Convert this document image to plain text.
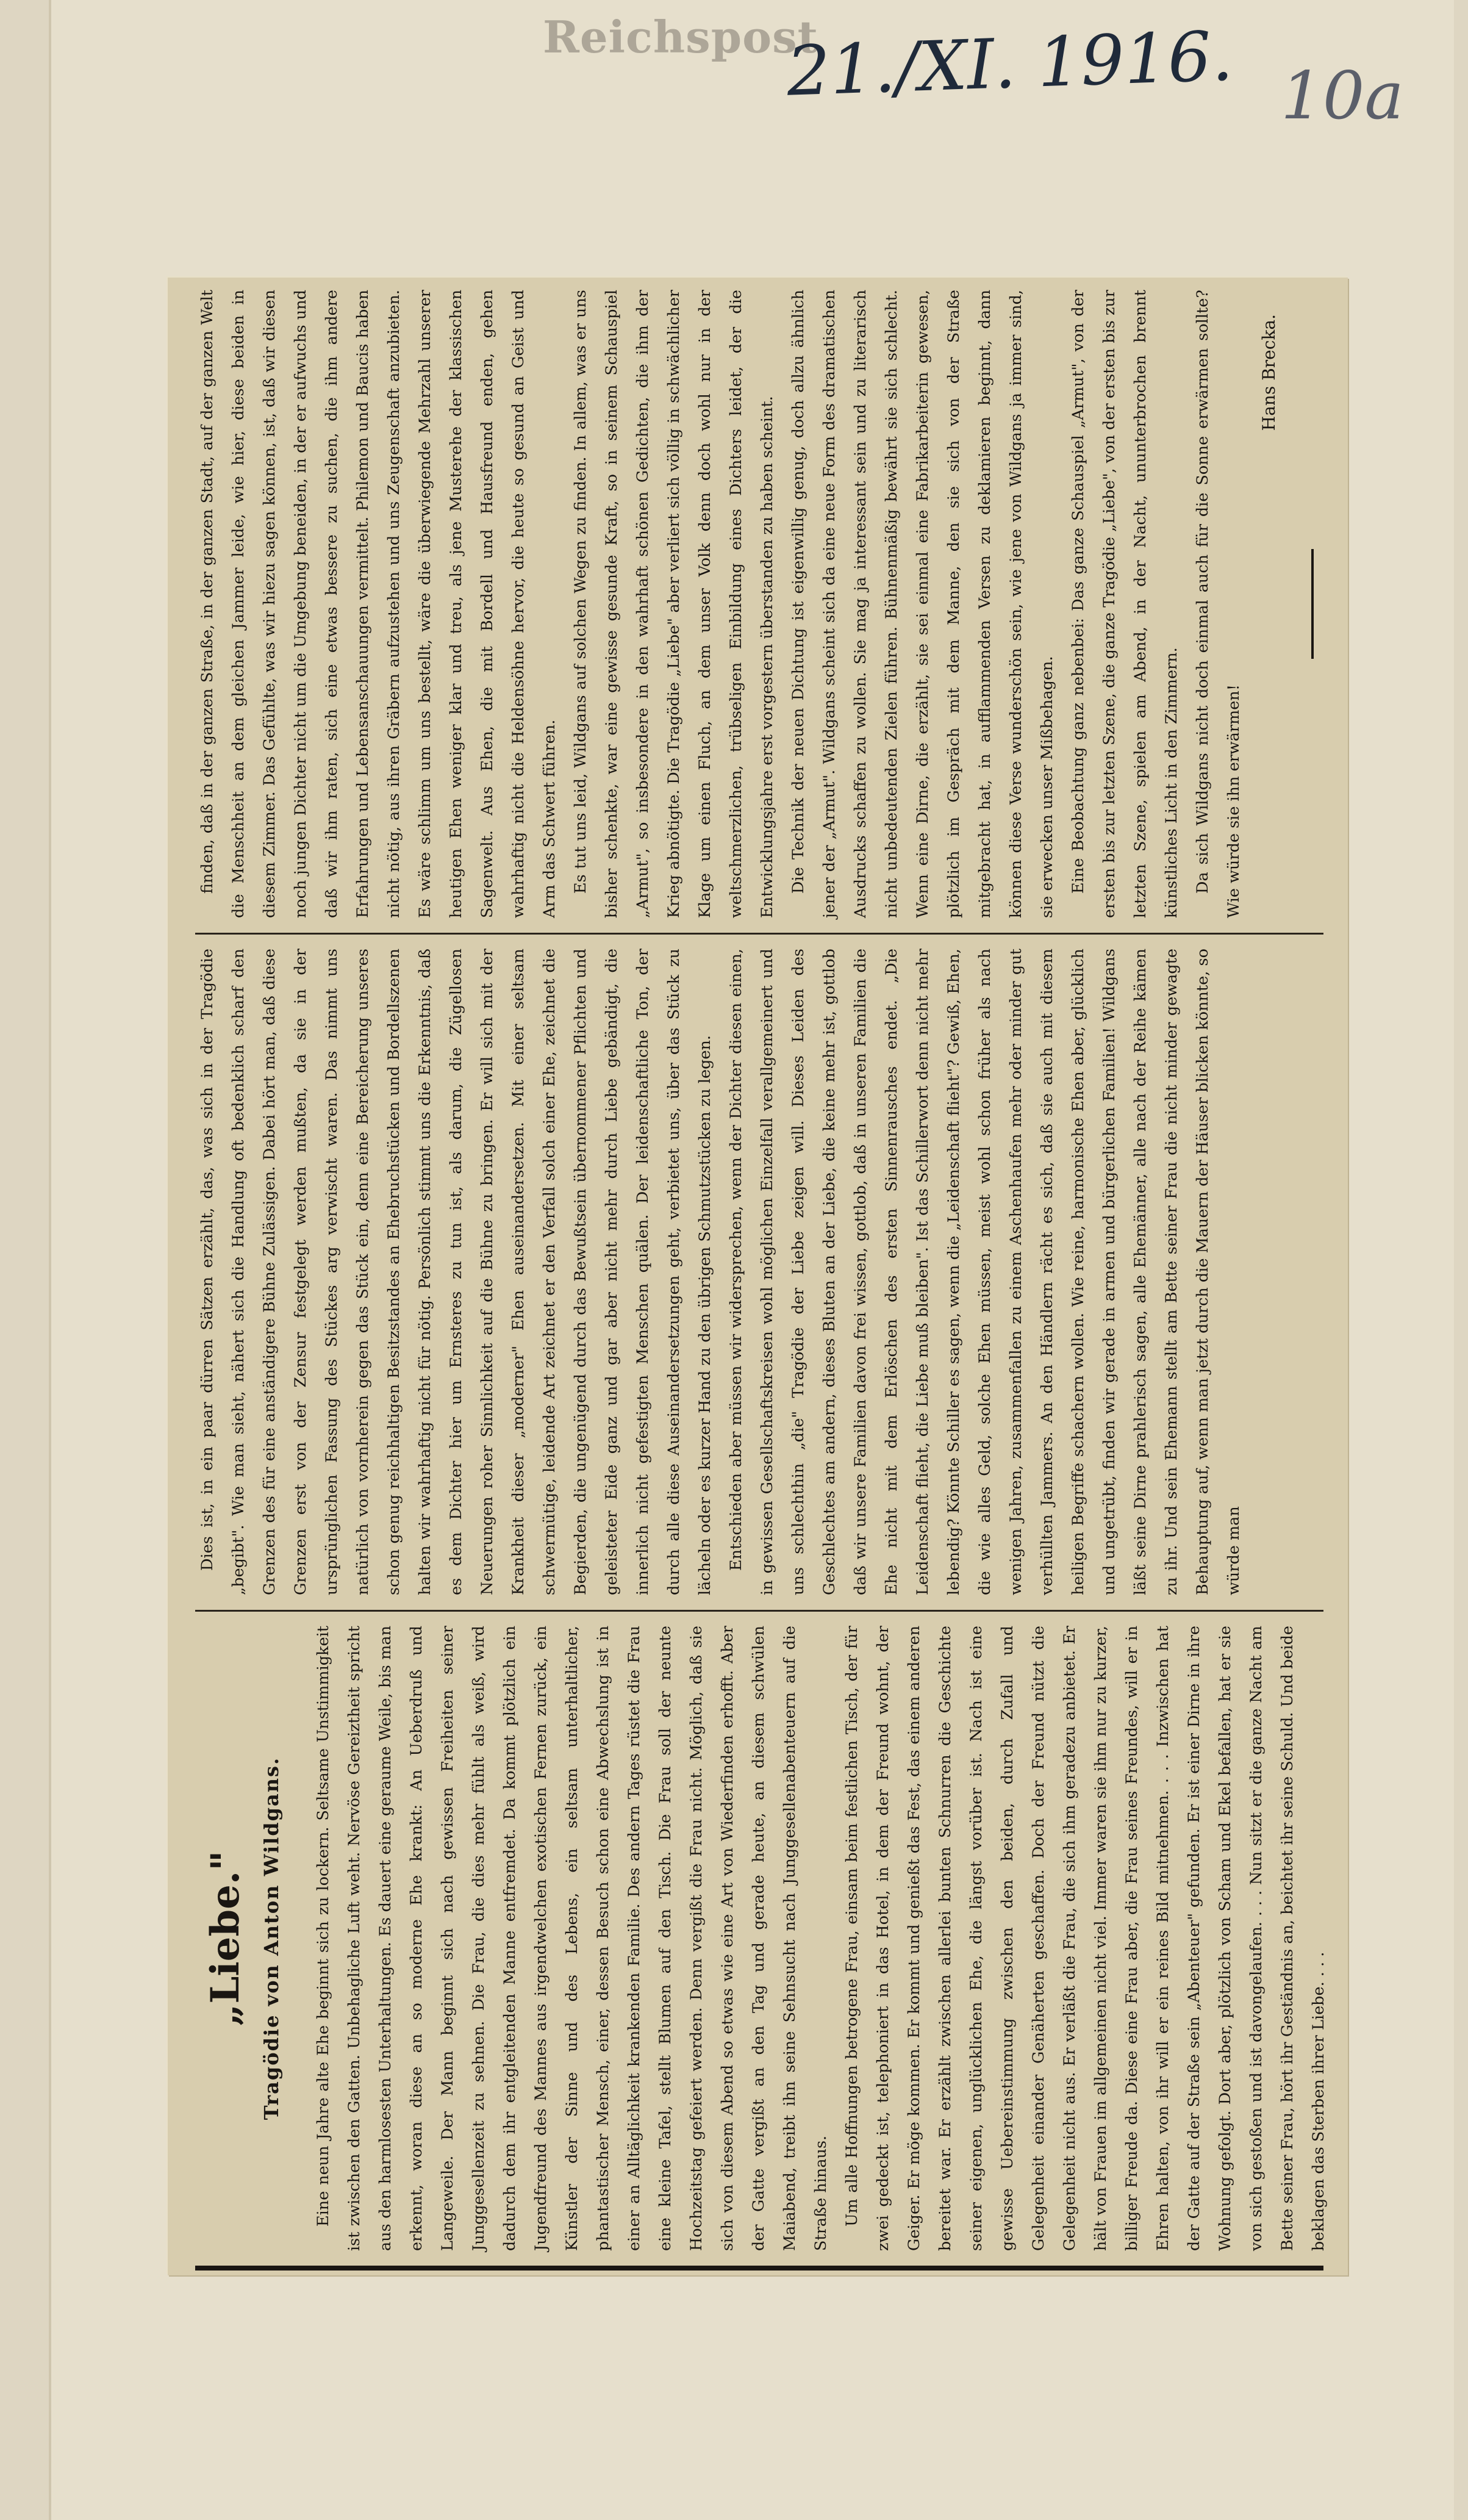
Reichspost
21./XI. 1916. 10a
„Liebe." Tragödie von Anton Wildgans.	Eine neun Jahre alte Ehe beginnt sich zu lockern. Seltsame Unstimmigkeit ist zwischen den Gatten. Unbehagliche Luft weht. Nervöse Gereiztheit spricht aus den harmlosesten Unterhaltungen. Es dauert eine geraume Weile, bis man erkennt, woran diese an so moderne Ehe krankt: An Ueberdruß und Langeweile. Der Mann beginnt sich nach gewissen Freiheiten seiner Junggesellenzeit zu sehnen. Die Frau, die dies mehr fühlt als weiß, wird dadurch dem ihr entgleitenden Manne entfremdet. Da kommt plötzlich ein Jugendfreund des Mannes aus irgendwelchen exotischen Fernen zurück, ein Künstler der Sinne und des Lebens, ein seltsam unterhaltlicher, phantastischer Mensch, einer, dessen Besuch schon eine Abwechslung ist in einer an Alltäglichkeit krankenden Familie. Des andern Tages rüstet die Frau eine kleine Tafel, stellt Blumen auf den Tisch. Die Frau soll der neunte Hochzeitstag gefeiert werden. Denn vergißt die Frau nicht. Möglich, daß sie sich von diesem Abend so etwas wie eine Art von Wiederfinden erhofft. Aber der Gatte vergißt an den Tag und gerade heute, an diesem schwülen Maiabend, treibt ihn seine Sehnsucht nach Junggesellenabenteuern auf die Straße hinaus. Um alle Hoffnungen betrogene Frau, einsam beim festlichen Tisch, der für zwei gedeckt ist, telephoniert in das Hotel, in dem der Freund wohnt, der Geiger. Er möge kommen. Er kommt und genießt das Fest, das einem anderen bereitet war. Er erzählt zwischen allerlei bunten Schnurren die Geschichte seiner eigenen, unglücklichen Ehe, die längst vorüber ist. Nach ist eine gewisse Uebereinstimmung zwischen den beiden, durch Zufall und Gelegenheit einander Genäherten geschaffen. Doch der Freund nützt die Gelegenheit nicht aus. Er verläßt die Frau, die sich ihm geradezu anbietet. Er hält von Frauen im allgemeinen nicht viel. Immer waren sie ihm nur zu kurzer, billiger Freude da. Diese eine Frau aber, die Frau seines Freundes, will er in Ehren halten, von ihr will er ein reines Bild mitnehmen. . . . Inzwischen hat der Gatte auf der Straße sein „Abenteuer" gefunden. Er ist einer Dirne in ihre Wohnung gefolgt. Dort aber, plötzlich von Scham und Ekel befallen, hat er sie von sich gestoßen und ist davongelaufen. . . . Nun sitzt er die ganze Nacht am Bette seiner Frau, hört ihr Geständnis an, beichtet ihr seine Schuld. Und beide beklagen das Sterben ihrer Liebe. . . .

Dies ist, in ein paar dürren Sätzen erzählt, das, was sich in der Tragödie „begibt". Wie man sieht, nähert sich die Handlung oft bedenklich scharf den Grenzen des für eine anständigere Bühne Zulässigen. Dabei hört man, daß diese Grenzen erst von der Zensur festgelegt werden mußten, da sie in der ursprünglichen Fassung des Stückes arg verwischt waren. Das nimmt uns natürlich von vornherein gegen das Stück ein, denn eine Bereicherung unseres schon genug reichhaltigen Besitzstandes an Ehebruchstücken und Bordellszenen halten wir wahrhaftig nicht für nötig. Persönlich stimmt uns die Erkenntnis, daß es dem Dichter hier um Ernsteres zu tun ist, als darum, die Zügellosen Neuerungen roher Sinnlichkeit auf die Bühne zu bringen. Er will sich mit der Krankheit dieser „moderner" Ehen auseinandersetzen. Mit einer seltsam schwermütige, leidende Art zeichnet er den Verfall solch einer Ehe, zeichnet die Begierden, die ungenügend durch das Bewußtsein übernommener Pflichten und geleisteter Eide ganz und gar aber nicht mehr durch Liebe gebändigt, die innerlich nicht gefestigten Menschen quälen. Der leidenschaftliche Ton, der durch alle diese Auseinandersetzungen geht, verbietet uns, über das Stück zu lächeln oder es kurzer Hand zu den übrigen Schmutzstücken zu legen. Entschieden aber müssen wir widersprechen, wenn der Dichter diesen einen, in gewissen Gesellschaftskreisen wohl möglichen Einzelfall verallgemeinert und uns schlechthin „die" Tragödie der Liebe zeigen will. Dieses Leiden des Geschlechtes am andern, dieses Bluten an der Liebe, die keine mehr ist, gottlob daß wir unsere Familien davon frei wissen, gottlob, daß in unseren Familien die Ehe nicht mit dem Erlöschen des ersten Sinnenrausches endet. „Die Leidenschaft flieht, die Liebe muß bleiben". Ist das Schillerwort denn nicht mehr lebendig? Könnte Schiller es sagen, wenn die „Leidenschaft flieht"? Gewiß, Ehen, die wie alles Geld, solche Ehen müssen, meist wohl schon früher als nach wenigen Jahren, zusammenfallen zu einem Aschenhaufen mehr oder minder gut verhüllten Jammers. An den Händlern rächt es sich, daß sie auch mit diesem heiligen Begriffe schachern wollen. Wie reine, harmonische Ehen aber, glücklich und ungetrübt, finden wir gerade in armen und bürgerlichen Familien! Wildgans läßt seine Dirne prahlerisch sagen, alle Ehemänner, alle nach der Reihe kämen zu ihr. Und sein Ehemann stellt am Bette seiner Frau die nicht minder gewagte Behauptung auf, wenn man jetzt durch die Mauern der Häuser blicken könnte, so würde man

finden, daß in der ganzen Straße, in der ganzen Stadt, auf der ganzen Welt die Menschheit an dem gleichen Jammer leide, wie hier, diese beiden in diesem Zimmer. Das Gefühlte, was wir hiezu sagen können, ist, daß wir diesen noch jungen Dichter nicht um die Umgebung beneiden, in der er aufwuchs und daß wir ihm raten, sich eine etwas bessere zu suchen, die ihm andere Erfahrungen und Lebensanschauungen vermittelt. Philemon und Baucis haben nicht nötig, aus ihren Gräbern aufzustehen und uns Zeugenschaft anzubieten. Es wäre schlimm um uns bestellt, wäre die überwiegende Mehrzahl unserer heutigen Ehen weniger klar und treu, als jene Musterehe der klassischen Sagenwelt. Aus Ehen, die mit Bordell und Hausfreund enden, gehen wahrhaftig nicht die Heldensöhne hervor, die heute so gesund an Geist und Arm das Schwert führen. Es tut uns leid, Wildgans auf solchen Wegen zu finden. In allem, was er uns bisher schenkte, war eine gewisse gesunde Kraft, so in seinem Schauspiel „Armut", so insbesondere in den wahrhaft schönen Gedichten, die ihm der Krieg abnötigte. Die Tragödie „Liebe" aber verliert sich völlig in schwächlicher Klage um einen Fluch, an dem unser Volk denn doch wohl nur in der weltschmerzlichen, trübseligen Einbildung eines Dichters leidet, der die Entwicklungsjahre erst vorgestern überstanden zu haben scheint. Die Technik der neuen Dichtung ist eigenwillig genug, doch allzu ähnlich jener der „Armut". Wildgans scheint sich da eine neue Form des dramatischen Ausdrucks schaffen zu wollen. Sie mag ja interessant sein und zu literarisch nicht unbedeutenden Zielen führen. Bühnenmäßig bewährt sie sich schlecht. Wenn eine Dirne, die erzählt, sie sei einmal eine Fabrikarbeiterin gewesen, plötzlich im Gespräch mit dem Manne, den sie sich von der Straße mitgebracht hat, in aufflammenden Versen zu deklamieren beginnt, dann können diese Verse wunderschön sein, wie jene von Wildgans ja immer sind, sie erwecken unser Mißbehagen. Eine Beobachtung ganz nebenbei: Das ganze Schauspiel „Armut", von der ersten bis zur letzten Szene, die ganze Tragödie „Liebe", von der ersten bis zur letzten Szene, spielen am Abend, in der Nacht, ununterbrochen brennt künstliches Licht in den Zimmern. Da sich Wildgans nicht doch einmal auch für die Sonne erwärmen sollte? Wie würde sie ihn erwärmen!

Hans Brecka.
